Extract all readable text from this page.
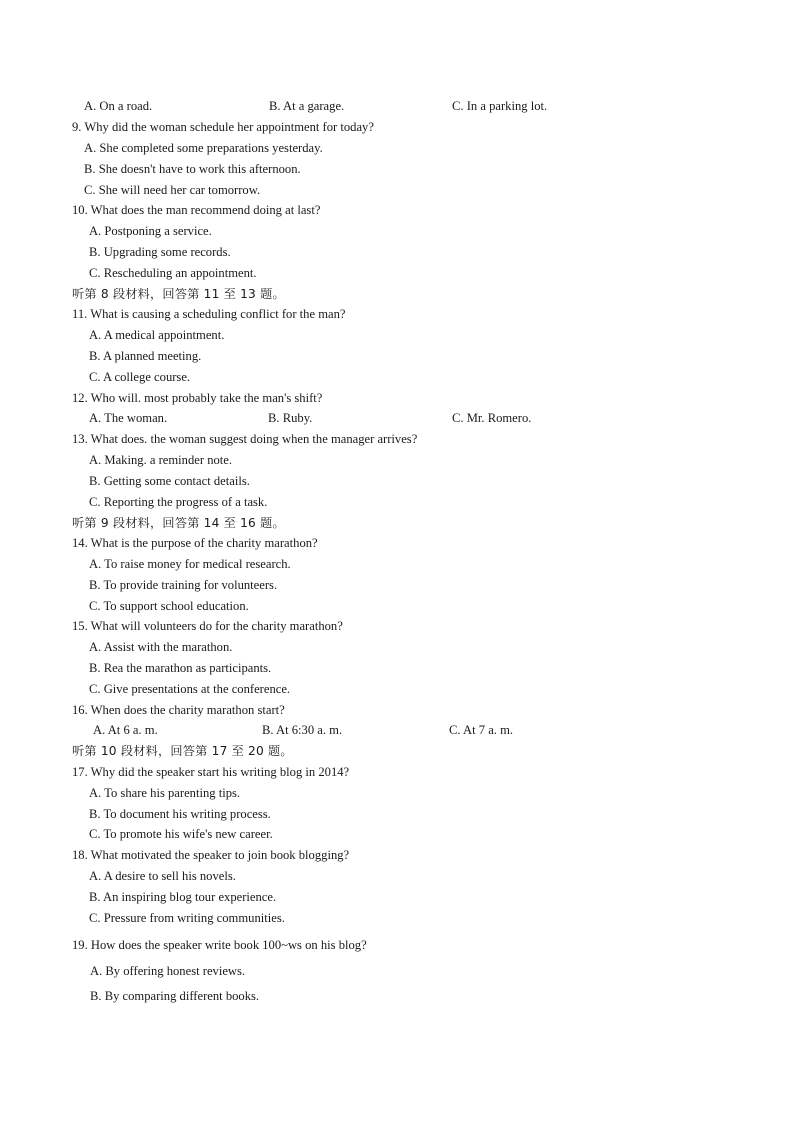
A. On a road.	B. At a garage.	C. In a parking lot.
9. Why did the woman schedule her appointment for today?
A. She completed some preparations yesterday.
B. She doesn't have to work this afternoon.
C. She will need her car tomorrow.
10. What does the man recommend doing at last?
A. Postponing a service.
B. Upgrading some records.
C. Rescheduling an appointment.
听第 8 段材料，回答第 11 至 13 题。
11. What is causing a scheduling conflict for the man?
A. A medical appointment.
B. A planned meeting.
C. A college course.
12. Who will. most probably take the man's shift?
A. The woman.	B. Ruby.	C. Mr. Romero.
13. What does. the woman suggest doing when the manager arrives?
A. Making. a reminder note.
B. Getting some contact details.
C. Reporting the progress of a task.
听第 9 段材料，回答第 14 至 16 题。
14. What is the purpose of the charity marathon?
A. To raise money for medical research.
B. To provide training for volunteers.
C. To support school education.
15. What will volunteers do for the charity marathon?
A. Assist with the marathon.
B. Rea the marathon as participants.
C. Give presentations at the conference.
16. When does the charity marathon start?
A. At 6 a. m.	B. At 6:30 a. m.	C. At 7 a. m.
听第 10 段材料，回答第 17 至 20 题。
17. Why did the speaker start his writing blog in 2014?
A. To share his parenting tips.
B. To document his writing process.
C. To promote his wife's new career.
18. What motivated the speaker to join book blogging?
A. A desire to sell his novels.
B. An inspiring blog tour experience.
C. Pressure from writing communities.
19. How does the speaker write book 100~ws on his blog?
A. By offering honest reviews.
B. By comparing different books.
